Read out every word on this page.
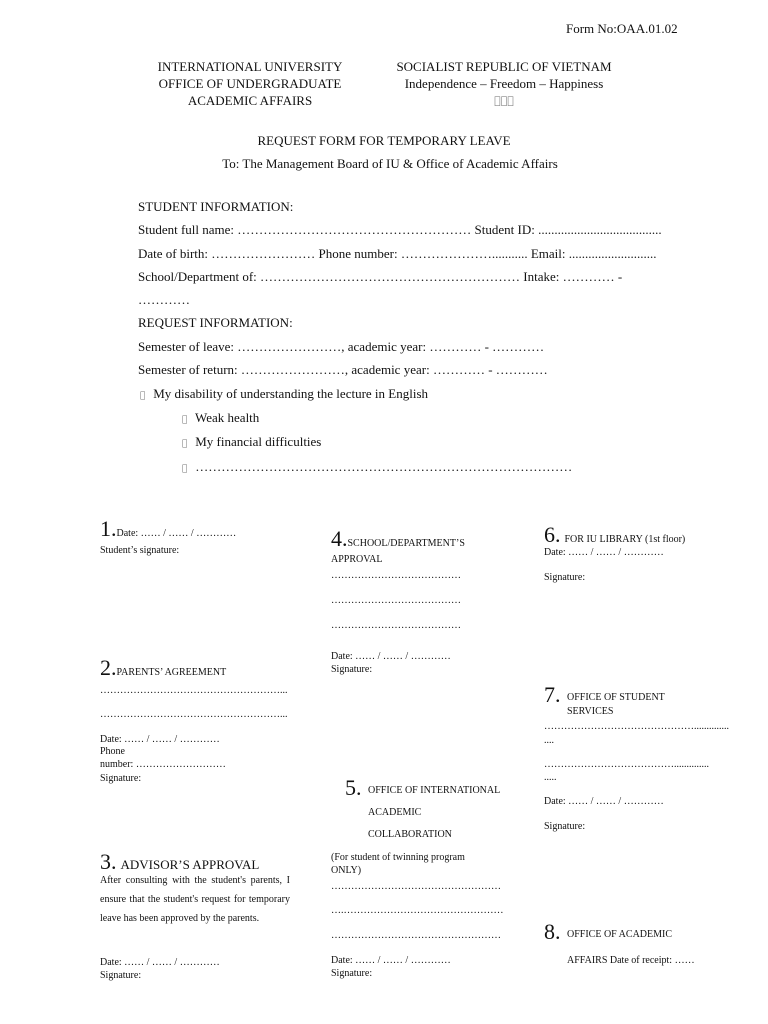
Form No:OAA.01.02
INTERNATIONAL UNIVERSITY
OFFICE OF UNDERGRADUATE
ACADEMIC AFFAIRS
SOCIALIST REPUBLIC OF VIETNAM
Independence – Freedom – Happiness
REQUEST FORM FOR TEMPORARY LEAVE
To: The Management Board of IU & Office of Academic Affairs
STUDENT INFORMATION:
Student full name: ……………………………………………… Student ID: ......................................
Date of birth: …………………… Phone number: …………………........... Email: ...........................
School/Department of: …………………………………………………… Intake: ………… -
…………
REQUEST INFORMATION:
Semester of leave: ……………………, academic year: ………… - …………
Semester of return: ……………………, academic year: ………… - …………
My disability of understanding the lecture in English
Weak health
My financial difficulties
……………………………………………………………………………
1.Date: …… / …… / …………
Student’s signature:
2.PARENTS’ AGREEMENT
………………………………………………...
………………………………………………...
Date: …… / …… / …………
Phone
number: ………………………
Signature:
3. ADVISOR’S APPROVAL
After consulting with the student's parents, I ensure that the student's request for temporary leave has been approved by the parents.
Date: …… / …… / …………
Signature:
4.SCHOOL/DEPARTMENT’S
APPROVAL
…………………………………
…………………………………
…………………………………
Date: …… / …… / …………
Signature:
5. OFFICE OF INTERNATIONAL
ACADEMIC
COLLABORATION
(For student of twinning program
ONLY)
……………………………………………
….…………………………………………
……………………………………………
Date: …… / …… / …………
Signature:
6. FOR IU LIBRARY (1st floor)
Date: …… / …… / …………
Signature:
7. OFFICE OF STUDENT
SERVICES
………………………………………..............
....
…………………………………..............
.....
Date: …… / …… / …………
Signature:
8. OFFICE OF ACADEMIC
AFFAIRS Date of receipt: ……
